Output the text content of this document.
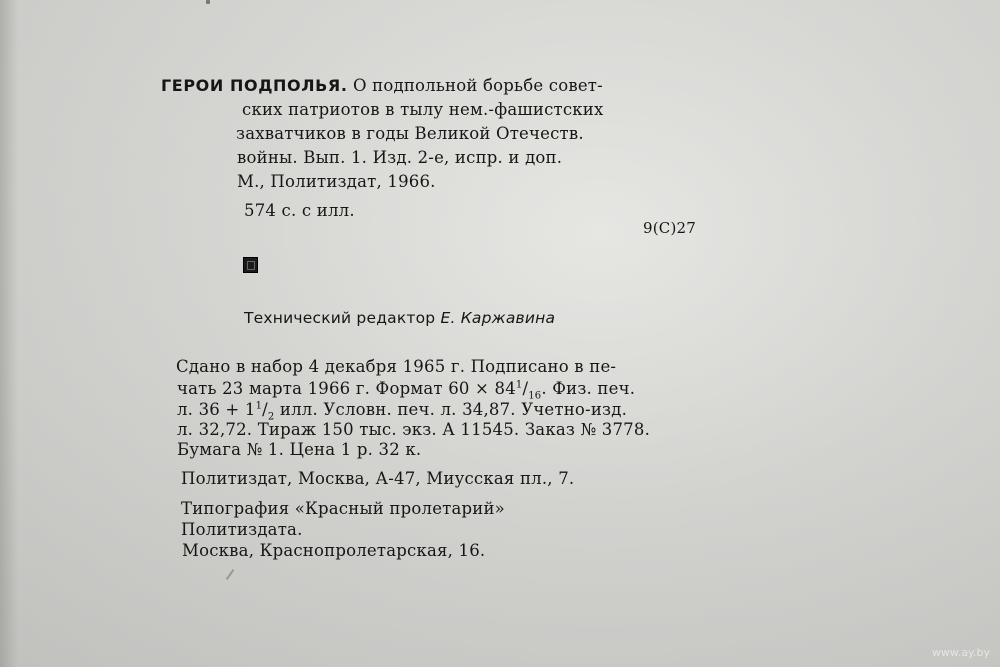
ГЕРОИ ПОДПОЛЬЯ. О подпольной борьбе совет-
ских патриотов в тылу нем.-фашистских
захватчиков в годы Великой Отечеств.
войны. Вып. 1. Изд. 2-е, испр. и доп.
М., Политиздат, 1966.
574 с. с илл.
9(С)27
Технический редактор Е. Каржавина
Сдано в набор 4 декабря 1965 г. Подписано в пе-
чать 23 марта 1966 г. Формат $60 \times 84^1/_{16}$. Физ. печ.
л. $36 + 1^1/_2$ илл. Условн. печ. л. 34,87. Учетно-изд.
л. 32,72. Тираж 150 тыс. экз. А 11545. Заказ № 3778.
Бумага № 1. Цена 1 р. 32 к.
Политиздат, Москва, А-47, Миусская пл., 7.
Типография «Красный пролетарий»
Политиздата.
Москва, Краснопролетарская, 16.
www.ay.by
